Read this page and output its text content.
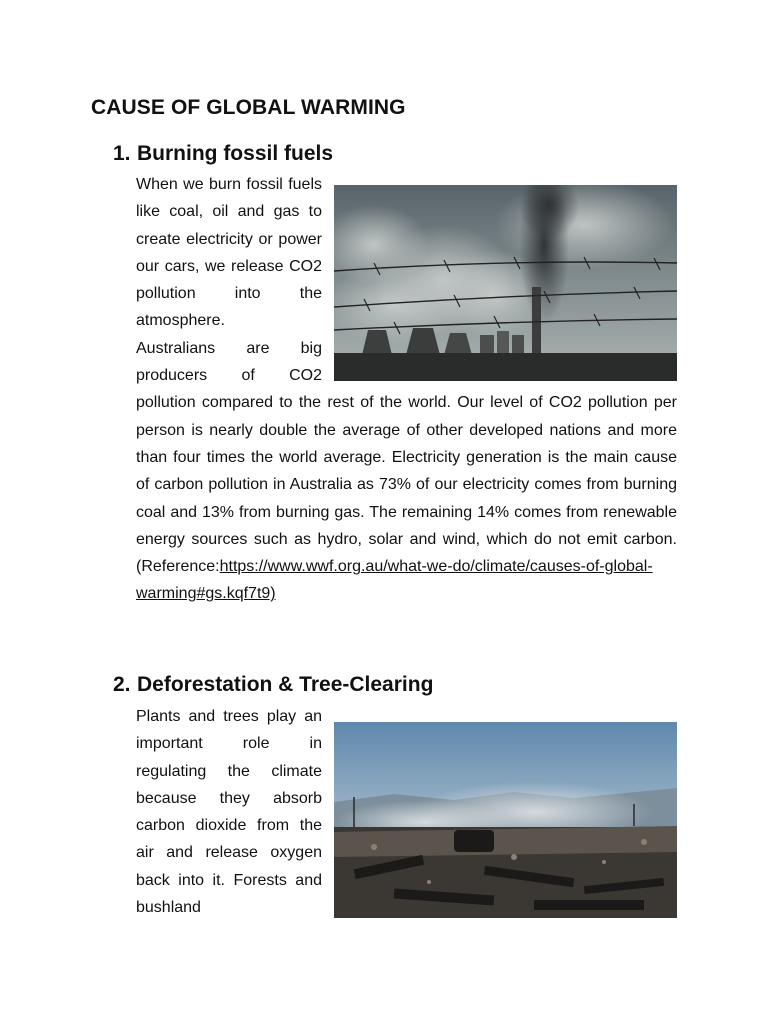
CAUSE OF GLOBAL WARMING
1. Burning fossil fuels

When we burn fossil fuels like coal, oil and gas to create electricity or power our cars, we release CO2 pollution into the atmosphere.

Australians are big producers of CO2 pollution compared to the rest of the world. Our level of CO2 pollution per person is nearly double the average of other developed nations and more than four times the world average. Electricity generation is the main cause of carbon pollution in Australia as 73% of our electricity comes from burning coal and 13% from burning gas. The remaining 14% comes from renewable energy sources such as hydro, solar and wind, which do not emit carbon. (Reference:https://www.wwf.org.au/what-we-do/climate/causes-of-global-warming#gs.kqf7t9)

2. Deforestation & Tree-Clearing

Plants and trees play an important role in regulating the climate because they absorb carbon dioxide from the air and release oxygen back into it. Forests and bushland
